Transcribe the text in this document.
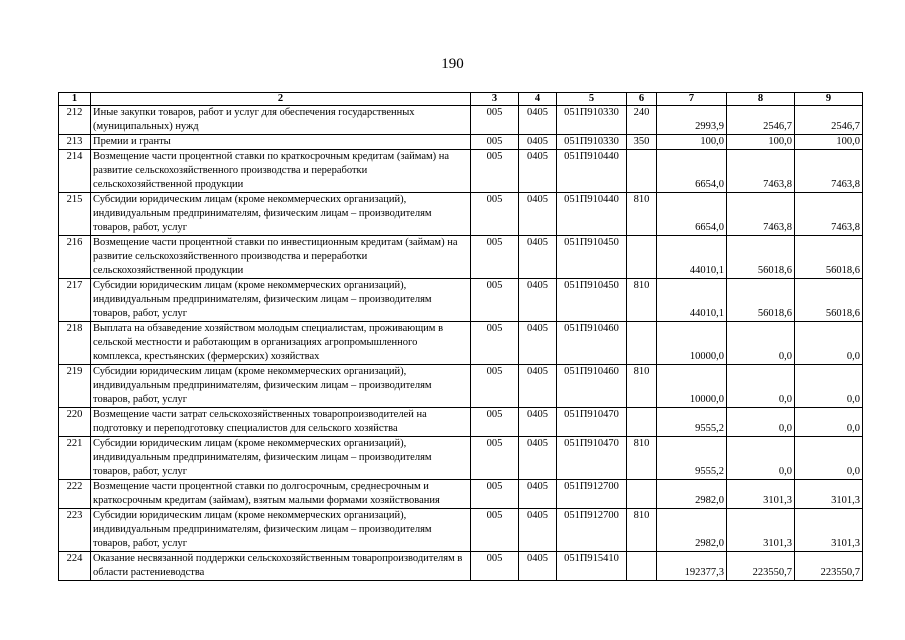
190
1	2	3	4	5	6	7	8	9
212	Иные закупки товаров, работ и услуг для обеспечения государственных (муниципальных) нужд	005	0405	051П910330	240	2993,9	2546,7	2546,7
213	Премии и гранты	005	0405	051П910330	350	100,0	100,0	100,0
214	Возмещение части процентной ставки по краткосрочным кредитам (займам) на развитие сельскохозяйственного производства и переработки сельскохозяйственной продукции	005	0405	051П910440		6654,0	7463,8	7463,8
215	Субсидии юридическим лицам (кроме некоммерческих организаций), индивидуальным предпринимателям, физическим лицам – производителям товаров, работ, услуг	005	0405	051П910440	810	6654,0	7463,8	7463,8
216	Возмещение части процентной ставки по инвестиционным кредитам (займам) на развитие сельскохозяйственного производства и переработки сельскохозяйственной продукции	005	0405	051П910450		44010,1	56018,6	56018,6
217	Субсидии юридическим лицам (кроме некоммерческих организаций), индивидуальным предпринимателям, физическим лицам – производителям товаров, работ, услуг	005	0405	051П910450	810	44010,1	56018,6	56018,6
218	Выплата на обзаведение хозяйством молодым специалистам, проживающим в сельской местности и работающим в организациях агропромышленного комплекса, крестьянских (фермерских) хозяйствах	005	0405	051П910460		10000,0	0,0	0,0
219	Субсидии юридическим лицам (кроме некоммерческих организаций), индивидуальным предпринимателям, физическим лицам – производителям товаров, работ, услуг	005	0405	051П910460	810	10000,0	0,0	0,0
220	Возмещение части затрат сельскохозяйственных товаропроизводителей на подготовку и переподготовку специалистов для сельского хозяйства	005	0405	051П910470		9555,2	0,0	0,0
221	Субсидии юридическим лицам (кроме некоммерческих организаций), индивидуальным предпринимателям, физическим лицам – производителям товаров, работ, услуг	005	0405	051П910470	810	9555,2	0,0	0,0
222	Возмещение части процентной ставки по долгосрочным, среднесрочным и краткосрочным кредитам (займам), взятым малыми формами хозяйствования	005	0405	051П912700		2982,0	3101,3	3101,3
223	Субсидии юридическим лицам (кроме некоммерческих организаций), индивидуальным предпринимателям, физическим лицам – производителям товаров, работ, услуг	005	0405	051П912700	810	2982,0	3101,3	3101,3
224	Оказание несвязанной поддержки сельскохозяйственным товаропроизводителям в области растениеводства	005	0405	051П915410		192377,3	223550,7	223550,7
